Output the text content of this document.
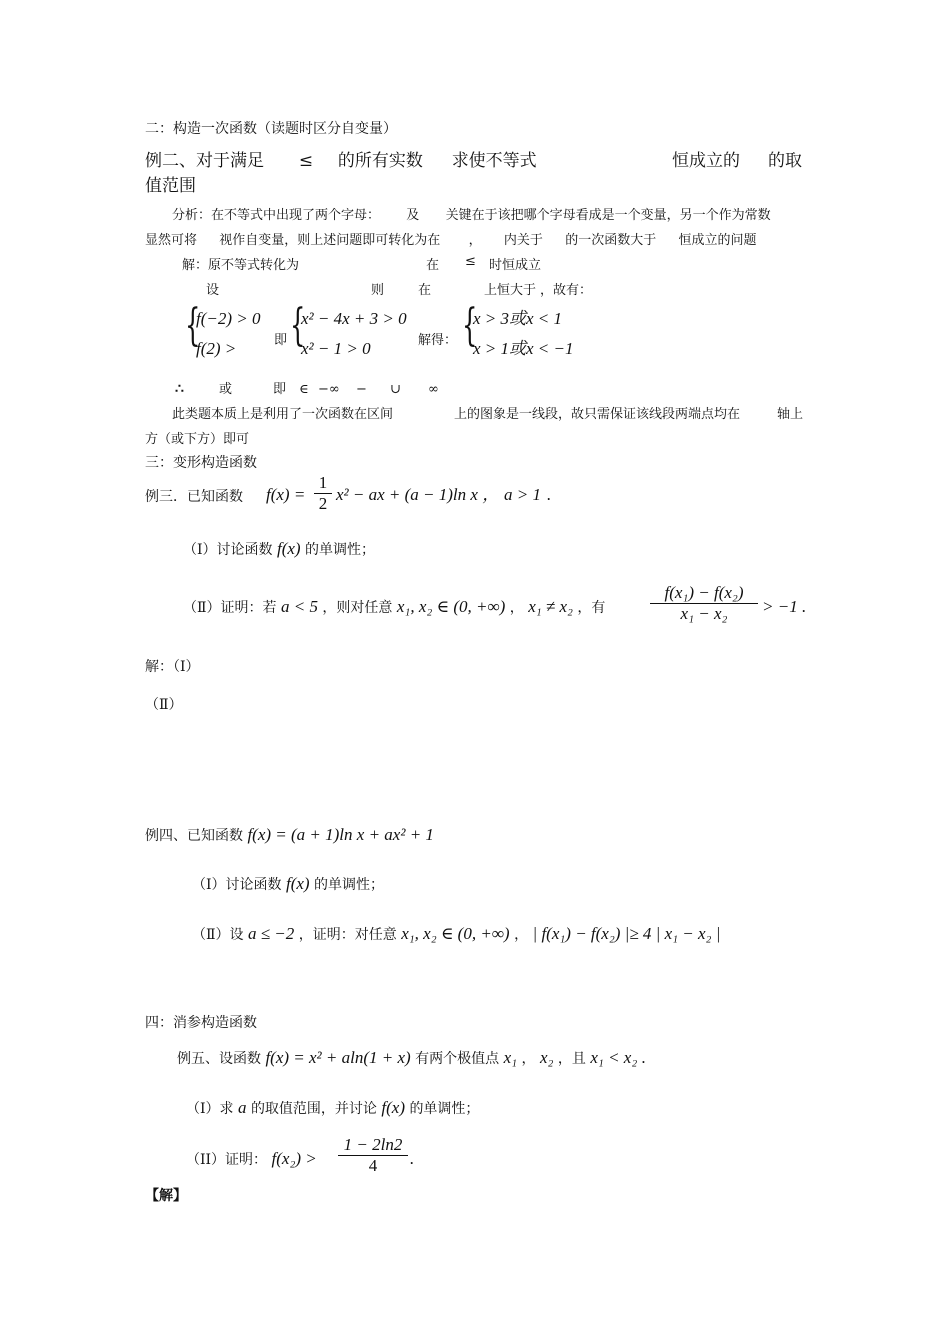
二：构造一次函数（读题时区分自变量）
例二、对于满足 ≤ 的所有实数 求使不等式	恒成立的 的取
值范围
分析：在不等式中出现了两个字母： 及 关键在于该把哪个字母看成是一个变量，另一个作为常数
显然可将 视作自变量，则上述问题即可转化为在 ， 内关于 的一次函数大于 恒成立的问题
解：原不等式转化为	在 ≤ 时恒成立
设	则	在	上恒大于 ，故有：
{
f(−2) > 0
f(2) >	即 {
x² − 4x + 3 > 0
x² − 1 > 0	解得： {
x > 3或x < 1
x > 1或x < −1
∴	或	即 ∈ −∞ − ∪ ∞
此类题本质上是利用了一次函数在区间	上的图象是一线段，故只需保证该线段两端点均在	轴上
方（或下方）即可
三：变形构造函数
例三．已知函数 $f(x) = \frac{1}{2} x^2$ − ax + (a − 1)ln x ， a > 1 .
（Ⅰ）讨论函数 f(x) 的单调性；
（Ⅱ）证明：若 a < 5 ，则对任意 x₁, x₂ ∈ (0, +∞) ， x₁ ≠ x₂ ，有	$\frac{\text{f(x₁) − f(x₂)}}{\text{x₁ − x₂}} > -1$ .
解：（Ⅰ）
（Ⅱ）
例四、已知函数 f(x) = (a + 1)ln x + ax² + 1
（Ⅰ）讨论函数 f(x) 的单调性；
（Ⅱ）设 a ≤ −2 ，证明：对任意 x₁, x₂ ∈ (0, +∞) ， | f(x₁) − f(x₂) |≥ 4 | x₁ − x₂ |
四：消参构造函数
例五、设函数 f(x) = x² + aln(1 + x) 有两个极值点 x₁ ， x₂ ，且 x₁ < x₂ .
（I）求 a 的取值范围，并讨论 f(x) 的单调性；
（II）证明： $f(x_2) > \frac{1 - 2\ln 2}{4}$ .
【解】
